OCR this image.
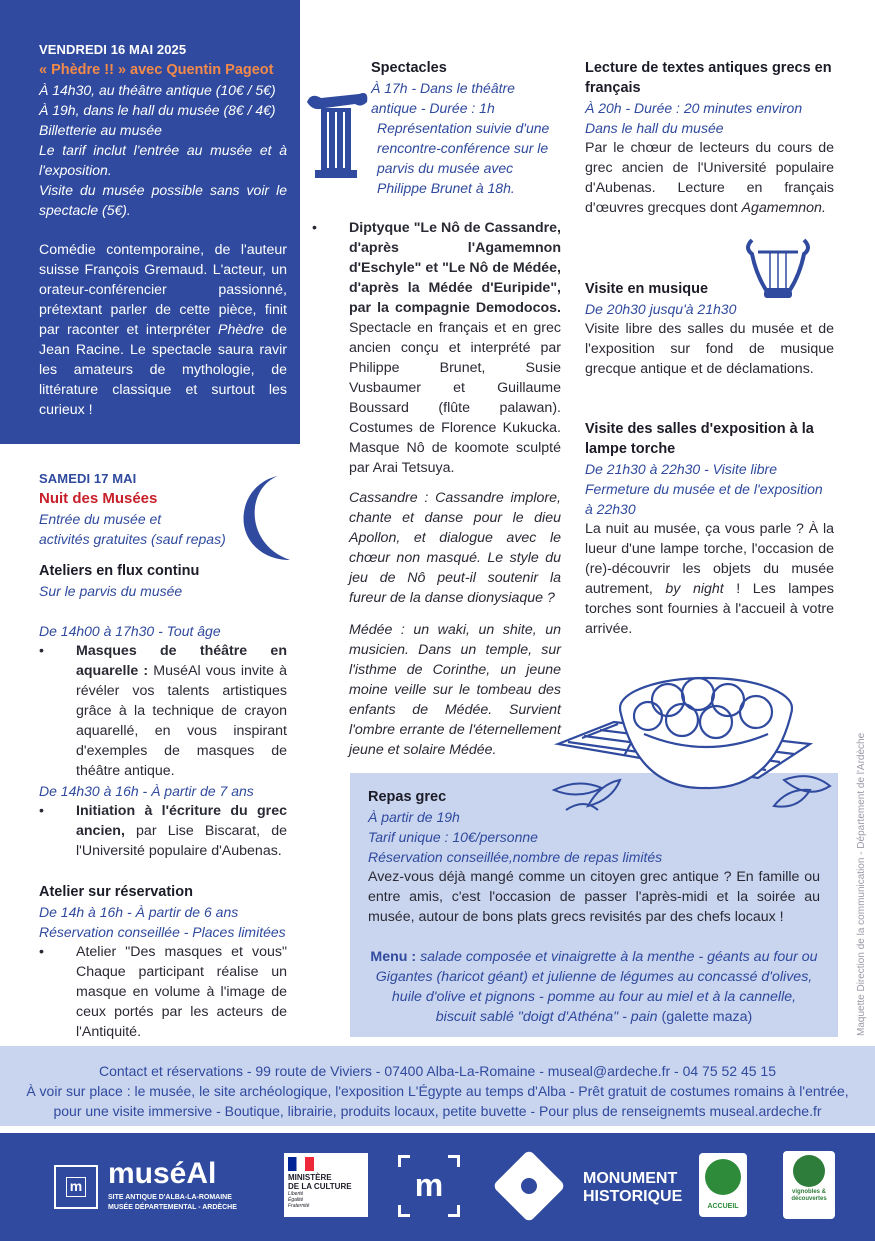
VENDREDI 16 MAI 2025
« Phèdre !! » avec Quentin Pageot
À 14h30, au théâtre antique (10€ / 5€)
À 19h, dans le hall du musée (8€ / 4€)
Billetterie au musée
Le tarif inclut l'entrée au musée et à l'exposition.
Visite du musée possible sans voir le spectacle (5€).
Comédie contemporaine, de l'auteur suisse François Gremaud. L'acteur, un orateur-conférencier passionné, prétextant parler de cette pièce, finit par raconter et interpréter Phèdre de Jean Racine. Le spectacle saura ravir les amateurs de mythologie, de littérature classique et surtout les curieux !
SAMEDI 17 MAI
Nuit des Musées
Entrée du musée et
activités gratuites (sauf repas)
Ateliers en flux continu
Sur le parvis du musée
De 14h00 à 17h30 - Tout âge
• Masques de théâtre en aquarelle : MuséAl vous invite à révéler vos talents artistiques grâce à la technique de crayon aquarellé, en vous inspirant d'exemples de masques de théâtre antique.
De 14h30 à 16h - À partir de 7 ans
• Initiation à l'écriture du grec ancien, par Lise Biscarat, de l'Université populaire d'Aubenas.
Atelier sur réservation
De 14h à 16h - À partir de 6 ans
Réservation conseillée - Places limitées
• Atelier "Des masques et vous" Chaque participant réalise un masque en volume à l'image de ceux portés par les acteurs de l'Antiquité.
Spectacles
À 17h - Dans le théâtre
antique - Durée : 1h
Représentation suivie d'une rencontre-conférence sur le parvis du musée avec Philippe Brunet à 18h.
• Diptyque "Le Nô de Cassandre, d'après l'Agamemnon d'Eschyle" et "Le Nô de Médée, d'après la Médée d'Euripide", par la compagnie Demodocos. Spectacle en français et en grec ancien conçu et interprété par Philippe Brunet, Susie Vusbaumer et Guillaume Boussard (flûte palawan). Costumes de Florence Kukucka. Masque Nô de koomote sculpté par Arai Tetsuya.
Cassandre : Cassandre implore, chante et danse pour le dieu Apollon, et dialogue avec le chœur non masqué. Le style du jeu de Nô peut-il soutenir la fureur de la danse dionysiaque ?
Médée : un waki, un shite, un musicien. Dans un temple, sur l'isthme de Corinthe, un jeune moine veille sur le tombeau des enfants de Médée. Survient l'ombre errante de l'éternellement jeune et solaire Médée.
Lecture de textes antiques grecs en français
À 20h - Durée : 20 minutes environ
Dans le hall du musée
Par le chœur de lecteurs du cours de grec ancien de l'Université populaire d'Aubenas. Lecture en français d'œuvres grecques dont Agamemnon.
Visite en musique
De 20h30 jusqu'à 21h30
Visite libre des salles du musée et de l'exposition sur fond de musique grecque antique et de déclamations.
Visite des salles d'exposition à la lampe torche
De 21h30 à 22h30 - Visite libre
Fermeture du musée et de l'exposition à 22h30
La nuit au musée, ça vous parle ? À la lueur d'une lampe torche, l'occasion de (re)-découvrir les objets du musée autrement, by night ! Les lampes torches sont fournies à l'accueil à votre arrivée.
Repas grec
À partir de 19h
Tarif unique : 10€/personne
Réservation conseillée,nombre de repas limités
Avez-vous déjà mangé comme un citoyen grec antique ? En famille ou entre amis, c'est l'occasion de passer l'après-midi et la soirée au musée, autour de bons plats grecs revisités par des chefs locaux !
Menu : salade composée et vinaigrette à la menthe - géants au four ou Gigantes (haricot géant) et julienne de légumes au concassé d'olives, huile d'olive et pignons - pomme au four au miel et à la cannelle, biscuit sablé "doigt d'Athéna" - pain (galette maza)	Maquette Direction de la communication - Département de l'Ardèche
Contact et réservations - 99 route de Viviers - 07400 Alba-La-Romaine - museal@ardeche.fr - 04 75 52 45 15
À voir sur place : le musée, le site archéologique, l'exposition L'Égypte au temps d'Alba - Prêt gratuit de costumes romains à l'entrée,
pour une visite immersive - Boutique, librairie, produits locaux, petite buvette - Pour plus de renseignemts museal.ardeche.fr
m muséAl
SITE ANTIQUE D'ALBA-LA-ROMAINE
MUSÉE DÉPARTEMENTAL - ARDÈCHE
MINISTÈRE
DE LA CULTURE
Liberté
Égalité
Fraternité
m	MONUMENT
HISTORIQUE
ACCUEIL
vignobles &
découvertes
